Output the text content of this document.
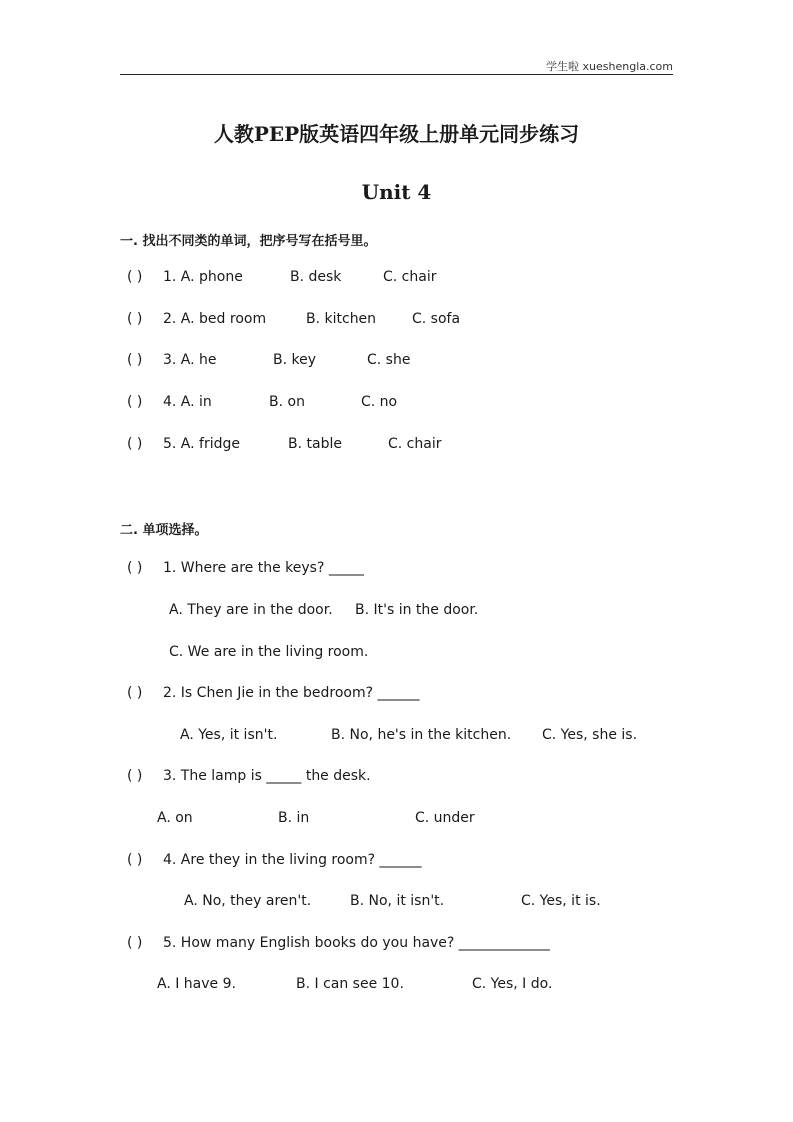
学生啦 xueshengla.com
人教PEP版英语四年级上册单元同步练习
Unit 4
一. 找出不同类的单词，把序号写在括号里。
( ) 1. A. phone	B. desk	C. chair
( ) 2. A. bed room	B. kitchen	C. sofa
( ) 3. A. he	B. key	C. she
( ) 4. A. in	B. on	C. no
( ) 5. A. fridge	B. table	C. chair
二. 单项选择。
( ) 1. Where are the keys? _____
A. They are in the door. B. It's in the door.
C. We are in the living room.
( ) 2. Is Chen Jie in the bedroom? ______
A. Yes, it isn't.	B. No, he's in the kitchen. C. Yes, she is.
( ) 3. The lamp is _____ the desk.
A. on	B. in	C. under
( ) 4. Are they in the living room? ______
A. No, they aren't.	B. No, it isn't.	C. Yes, it is.
( ) 5. How many English books do you have? _____________
A. I have 9.	B. I can see 10.	C. Yes, I do.
